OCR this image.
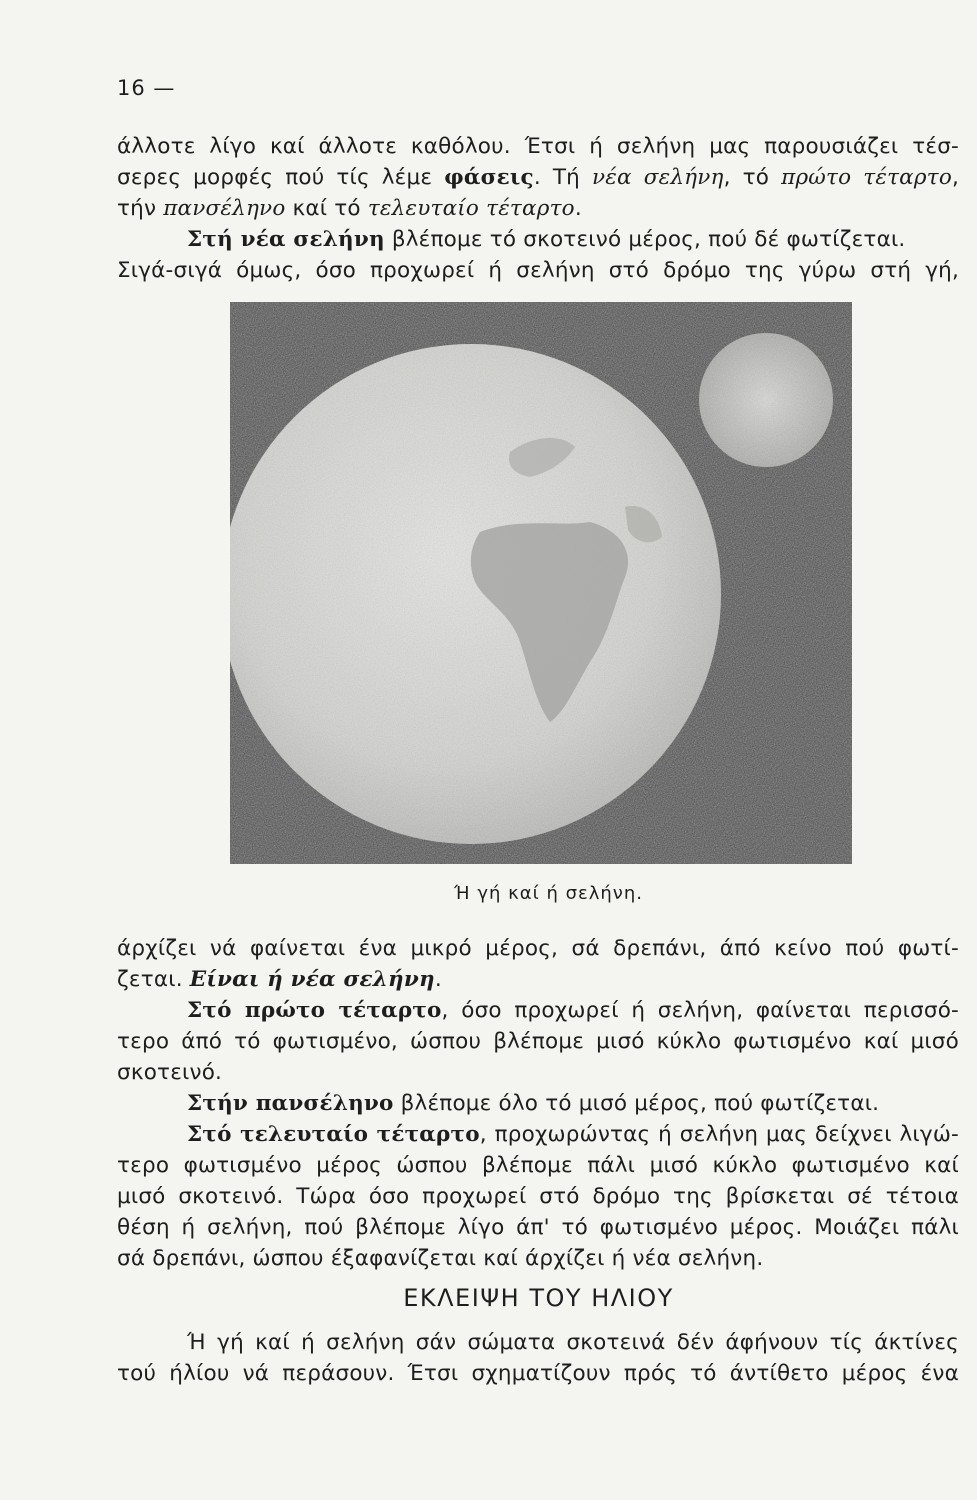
16 —
άλλοτε λίγο καί άλλοτε καθόλου. Έτσι ή σελήνη μας παρουσιάζει τέσ-
σερες μορφές πού τίς λέμε φάσεις. Τή νέα σελήνη, τό πρώτο τέταρτο,
τήν πανσέληνο καί τό τελευταίο τέταρτο.
Στή νέα σελήνη βλέπομε τό σκοτεινό μέρος, πού δέ φωτίζεται.
Σιγά-σιγά όμως, όσο προχωρεί ή σελήνη στό δρόμο της γύρω στή γή,
Ή γή καί ή σελήνη.
άρχίζει νά φαίνεται ένα μικρό μέρος, σά δρεπάνι, άπό κείνο πού φωτί-
ζεται. Είναι ή νέα σελήνη.
Στό πρώτο τέταρτο, όσο προχωρεί ή σελήνη, φαίνεται περισσό-
τερο άπό τό φωτισμένο, ώσπου βλέπομε μισό κύκλο φωτισμένο καί μισό
σκοτεινό.
Στήν πανσέληνο βλέπομε όλο τό μισό μέρος, πού φωτίζεται.
Στό τελευταίο τέταρτο, προχωρώντας ή σελήνη μας δείχνει λιγώ-
τερο φωτισμένο μέρος ώσπου βλέπομε πάλι μισό κύκλο φωτισμένο καί
μισό σκοτεινό. Τώρα όσο προχωρεί στό δρόμο της βρίσκεται σέ τέτοια
θέση ή σελήνη, πού βλέπομε λίγο άπ' τό φωτισμένο μέρος. Μοιάζει πάλι
σά δρεπάνι, ώσπου έξαφανίζεται καί άρχίζει ή νέα σελήνη.
ΕΚΛΕΙΨΗ ΤΟΥ ΗΛΙΟΥ
Ή γή καί ή σελήνη σάν σώματα σκοτεινά δέν άφήνουν τίς άκτίνες
τού ήλίου νά περάσουν. Έτσι σχηματίζουν πρός τό άντίθετο μέρος ένα
